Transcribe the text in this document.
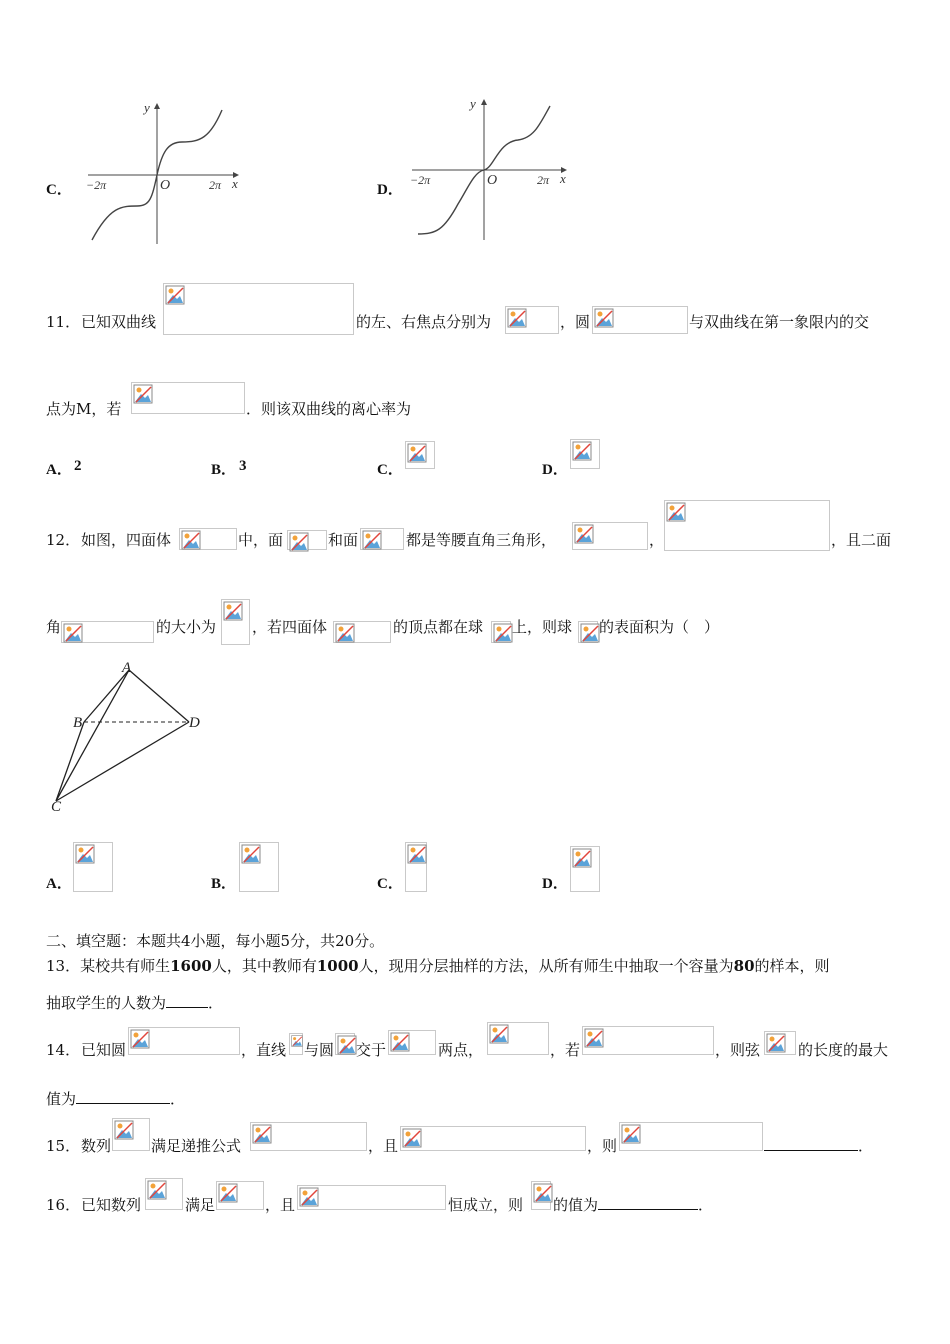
C．
y
x
O
−2π	2π	D．
y
x
O
−2π	2π
11． 已知双曲线	的左、右焦点分别为	，圆	与双曲线在第一象限内的交
点为M，若	．则该双曲线的离心率为
A． 2	B． 3	C．	D．
12． 如图，四面体	中，面	和面	都是等腰直角三角形，	，	，且二面
角	的大小为 ，若四面体	的顶点都在球 上，则球 的表面积为（　）
A
B
C
D
A．	B．	C．	D．
二、填空题：本题共4小题，每小题5分，共20分。
13．某校共有师生1600人，其中教师有1000人，现用分层抽样的方法，从所有师生中抽取一个容量为80的样本，则
抽取学生的人数为	．
14． 已知圆	，直线 与圆 交于	两点，	，若	，则弦	的长度的最大
值为	．
15． 数列	满足递推公式	，且	，则	．
16． 已知数列	满足	，且	恒成立，则 的值为	．
